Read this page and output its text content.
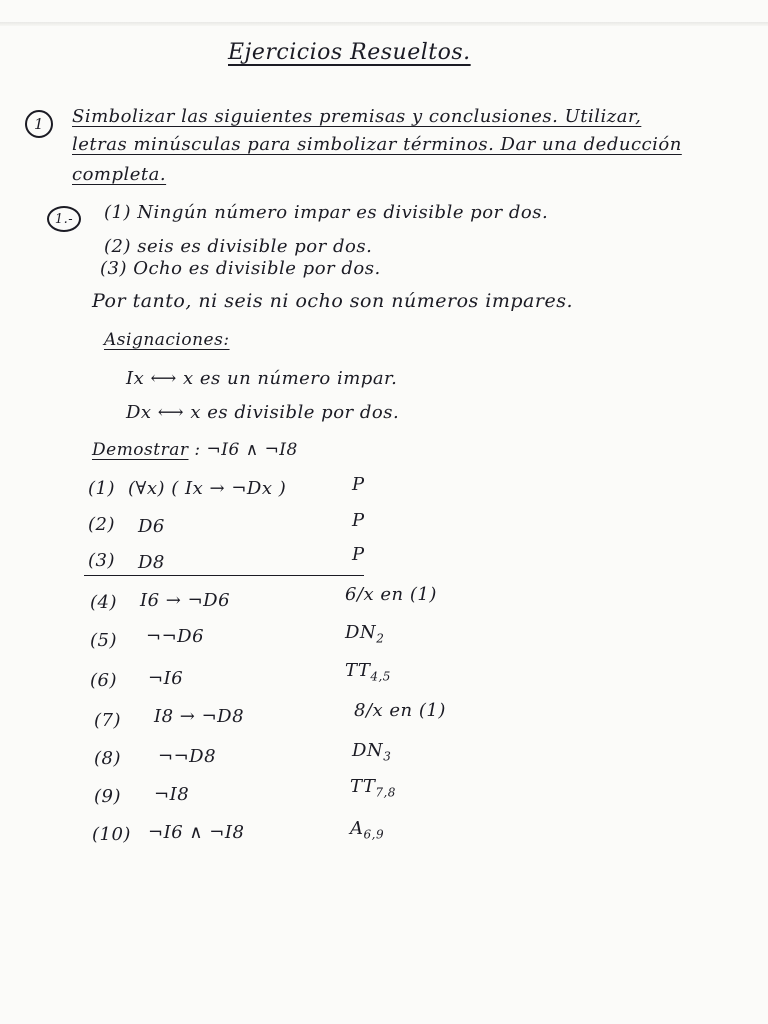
Ejercicios Resueltos.
1	Simbolizar las siguientes premisas y conclusiones. Utilizar,
letras minúsculas para simbolizar términos. Dar una deducción
completa.
1.-	(1) Ningún número impar es divisible por dos.
(2) seis es divisible por dos.
(3) Ocho es divisible por dos.
Por tanto, ni seis ni ocho son números impares.
Asignaciones:
Ix ⟷ x es un número impar.
Dx ⟷ x es divisible por dos.
Demostrar : ¬I6 ∧ ¬I8
(1) (∀x) ( Ix → ¬Dx )	P
(2) D6	P
(3) D8	P
(4) I6 → ¬D6	6/x en (1)
(5) ¬¬D6	$DN_2$
(6) ¬I6	$TT_{4,5}$
(7) I8 → ¬D8	8/x en (1)
(8) ¬¬D8	$DN_3$
(9) ¬I8	$TT_{7,8}$
(10) ¬I6 ∧ ¬I8	$A_{6,9}$
